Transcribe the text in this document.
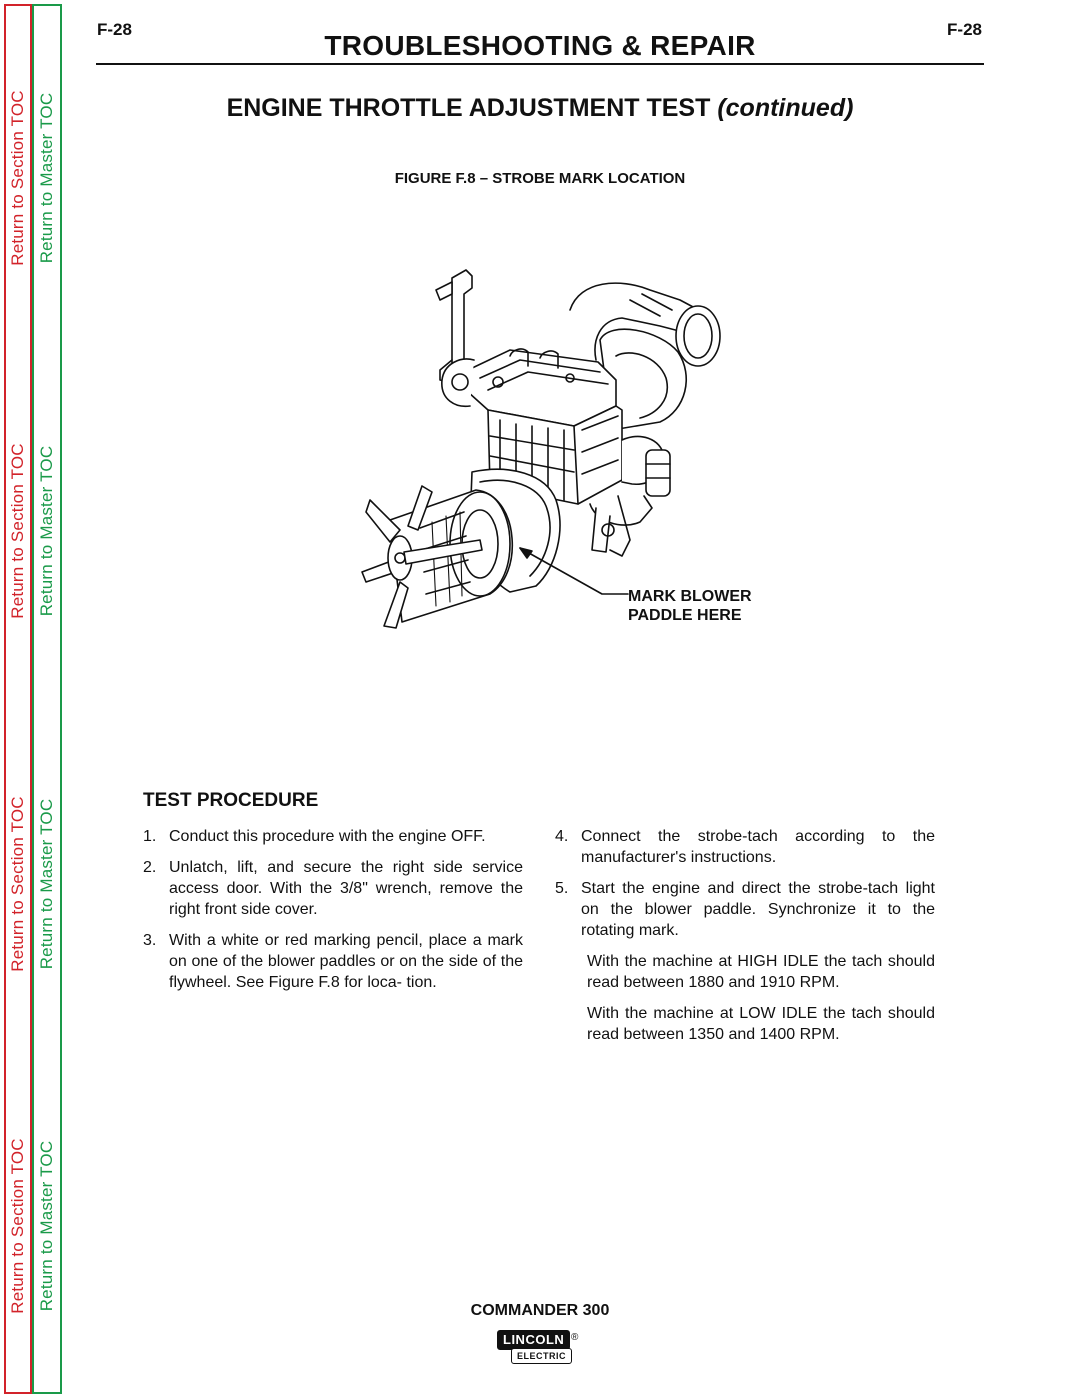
Return to Section TOC
Return to Section TOC
Return to Section TOC
Return to Section TOC
Return to Master TOC
Return to Master TOC
Return to Master TOC
Return to Master TOC
F-28	F-28
TROUBLESHOOTING & REPAIR
ENGINE THROTTLE ADJUSTMENT TEST (continued)
FIGURE F.8 – STROBE MARK LOCATION
MARK BLOWER
PADDLE HERE
TEST PROCEDURE
1. Conduct this procedure with the engine OFF.
2. Unlatch, lift, and secure the right side service access door. With the 3/8" wrench, remove the right front side cover.
3. With a white or red marking pencil, place a mark on one of the blower paddles or on the side of the flywheel. See Figure F.8 for loca- tion.
4. Connect the strobe-tach according to the manufacturer's instructions.
5. Start the engine and direct the strobe-tach light on the blower paddle. Synchronize it to the rotating mark.
With the machine at HIGH IDLE the tach should read between 1880 and 1910 RPM.
With the machine at LOW IDLE the tach should read between 1350 and 1400 RPM.
COMMANDER 300
LINCOLN ®
ELECTRIC
